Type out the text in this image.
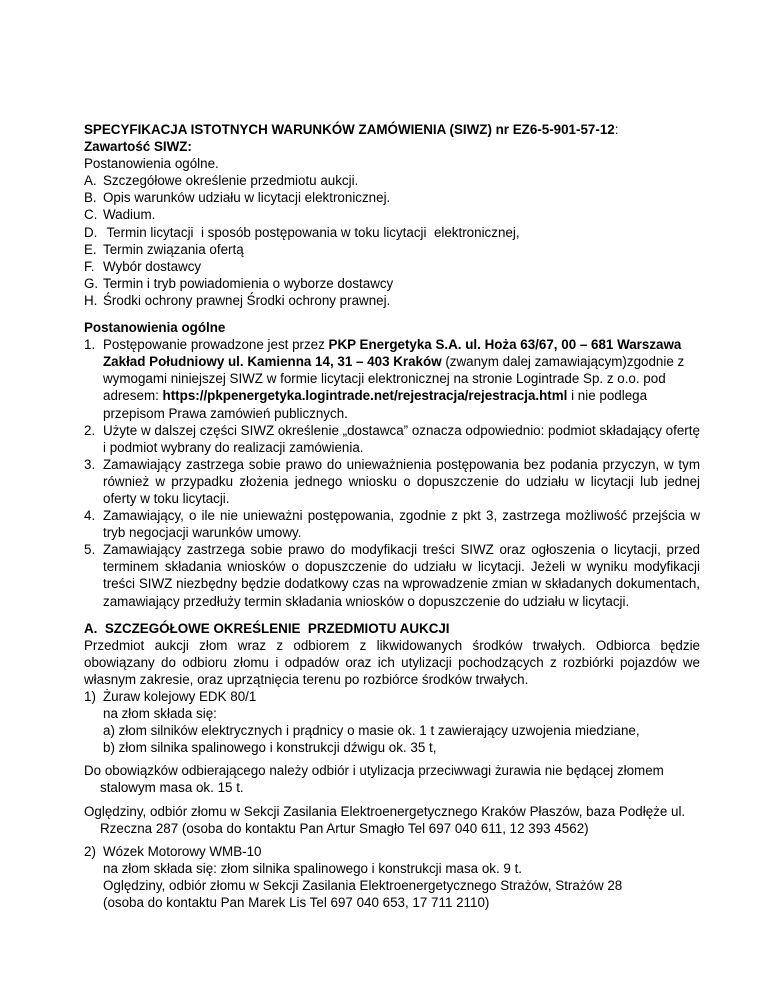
SPECYFIKACJA ISTOTNYCH WARUNKÓW ZAMÓWIENIA (SIWZ) nr EZ6-5-901-57-12:
Zawartość SIWZ:
Postanowienia ogólne.
A. Szczegółowe określenie przedmiotu aukcji.
B. Opis warunków udziału w licytacji elektronicznej.
C. Wadium.
D. Termin licytacji  i sposób postępowania w toku licytacji  elektronicznej,
E. Termin związania ofertą
F. Wybór dostawcy
G. Termin i tryb powiadomienia o wyborze dostawcy
H. Środki ochrony prawnej Środki ochrony prawnej.
Postanowienia ogólne
1. Postępowanie prowadzone jest przez PKP Energetyka S.A. ul. Hoża 63/67, 00 – 681 Warszawa Zakład Południowy ul. Kamienna 14, 31 – 403 Kraków (zwanym dalej zamawiającym)zgodnie z wymogami niniejszej SIWZ w formie licytacji elektronicznej na stronie Logintrade Sp. z o.o. pod adresem: https://pkpenergetyka.logintrade.net/rejestracja/rejestracja.html i nie podlega przepisom Prawa zamówień publicznych.
2. Użyte w dalszej części SIWZ określenie „dostawca” oznacza odpowiednio: podmiot składający ofertę i podmiot wybrany do realizacji zamówienia.
3. Zamawiający zastrzega sobie prawo do unieważnienia postępowania bez podania przyczyn, w tym również w przypadku złożenia jednego wniosku o dopuszczenie do udziału w licytacji lub jednej oferty w toku licytacji.
4. Zamawiający, o ile nie unieważni postępowania, zgodnie z pkt 3, zastrzega możliwość przejścia w tryb negocjacji warunków umowy.
5. Zamawiający zastrzega sobie prawo do modyfikacji treści SIWZ oraz ogłoszenia o licytacji, przed terminem składania wniosków o dopuszczenie do udziału w licytacji. Jeżeli w wyniku modyfikacji treści SIWZ niezbędny będzie dodatkowy czas na wprowadzenie zmian w składanych dokumentach, zamawiający przedłuży termin składania wniosków o dopuszczenie do udziału w licytacji.
A.  SZCZEGÓŁOWE OKREŚLENIE  PRZEDMIOTU AUKCJI
Przedmiot aukcji złom wraz z odbiorem z likwidowanych środków trwałych. Odbiorca będzie obowiązany do odbioru złomu i odpadów oraz ich utylizacji pochodzących z rozbiórki pojazdów we własnym zakresie, oraz uprzątnięcia terenu po rozbiórce środków trwałych.
1) Żuraw kolejowy EDK 80/1
na złom składa się:
a) złom silników elektrycznych i prądnicy o masie ok. 1 t zawierający uzwojenia miedziane,
b) złom silnika spalinowego i konstrukcji dźwigu ok. 35 t,
Do obowiązków odbierającego należy odbiór i utylizacja przeciwwagi żurawia nie będącej złomem stalowym masa ok. 15 t.
Oględziny, odbiór złomu w Sekcji Zasilania Elektroenergetycznego Kraków Płaszów, baza Podłęże ul. Rzeczna 287 (osoba do kontaktu Pan Artur Smagło Tel 697 040 611, 12 393 4562)
2) Wózek Motorowy WMB-10
na złom składa się: złom silnika spalinowego i konstrukcji masa ok. 9 t.
Oględziny, odbiór złomu w Sekcji Zasilania Elektroenergetycznego Strażów, Strażów 28
(osoba do kontaktu Pan Marek Lis Tel 697 040 653, 17 711 2110)
